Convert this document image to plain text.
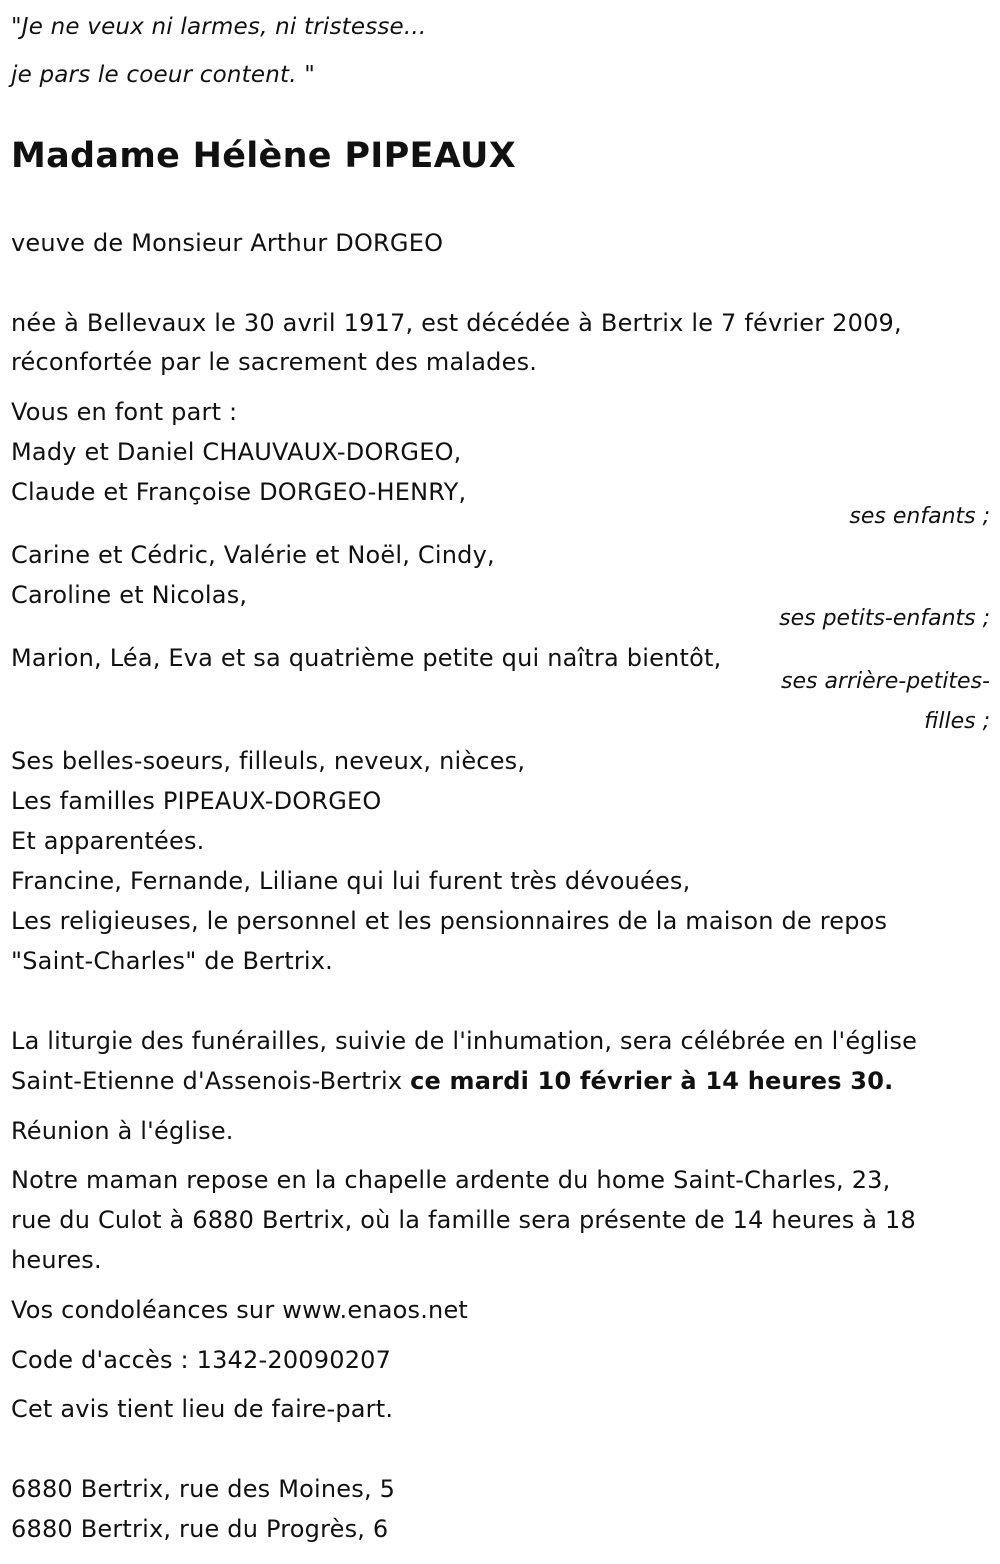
"Je ne veux ni larmes, ni tristesse...
je pars le coeur content. "
Madame Hélène PIPEAUX
veuve de Monsieur Arthur DORGEO
née à Bellevaux le 30 avril 1917, est décédée à Bertrix le 7 février 2009,
réconfortée par le sacrement des malades.
Vous en font part :
Mady et Daniel CHAUVAUX-DORGEO,
Claude et Françoise DORGEO-HENRY,
ses enfants ;
Carine et Cédric, Valérie et Noël, Cindy,
Caroline et Nicolas,
ses petits-enfants ;
Marion, Léa, Eva et sa quatrième petite qui naîtra bientôt,
ses arrière-petites-
filles ;
Ses belles-soeurs, filleuls, neveux, nièces,
Les familles PIPEAUX-DORGEO
Et apparentées.
Francine, Fernande, Liliane qui lui furent très dévouées,
Les religieuses, le personnel et les pensionnaires de la maison de repos
"Saint-Charles" de Bertrix.
La liturgie des funérailles, suivie de l'inhumation, sera célébrée en l'église
Saint-Etienne d'Assenois-Bertrix ce mardi 10 février à 14 heures 30.
Réunion à l'église.
Notre maman repose en la chapelle ardente du home Saint-Charles, 23,
rue du Culot à 6880 Bertrix, où la famille sera présente de 14 heures à 18
heures.
Vos condoléances sur www.enaos.net
Code d'accès : 1342-20090207
Cet avis tient lieu de faire-part.
6880 Bertrix, rue des Moines, 5
6880 Bertrix, rue du Progrès, 6
